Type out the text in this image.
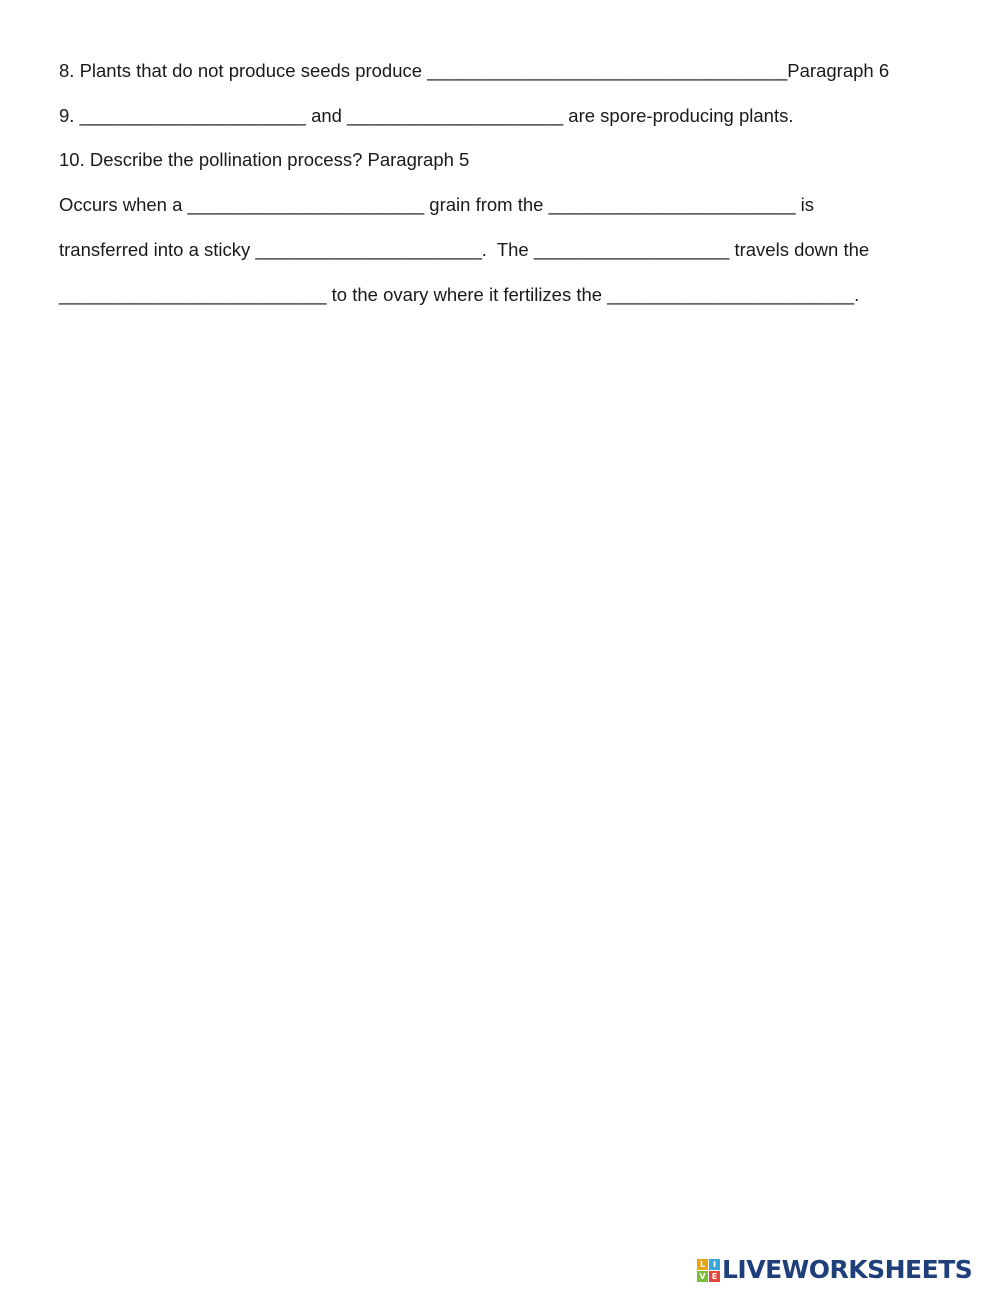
8. Plants that do not produce seeds produce ___________________________________Paragraph 6
9. ______________________ and _____________________ are spore-producing plants.
10. Describe the pollination process? Paragraph 5
Occurs when a _______________________ grain from the ________________________ is
transferred into a sticky ______________________.  The ___________________ travels down the
__________________________ to the ovary where it fertilizes the ________________________.
L I
V E LIVEWORKSHEETS
